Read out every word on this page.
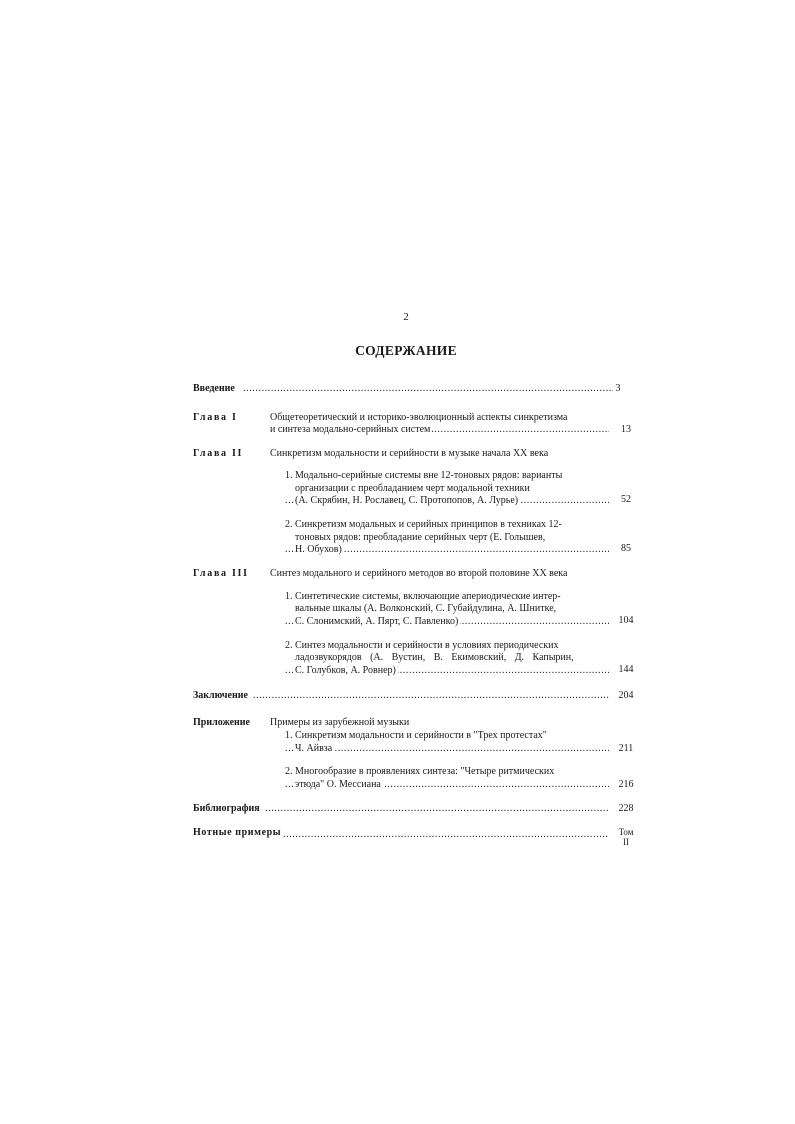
2
СОДЕРЖАНИЕ
Введение .....	3
Глава I	Общетеоретический и историко-эволюционный аспекты синкретизма
и синтеза модально-серийных систем .....	13
Глава II	Синкретизм модальности и серийности в музыке начала XX века
1. Модально-серийные системы вне 12-тоновых рядов: варианты
организации с преобладанием черт модальной техники
(А. Скрябин, Н. Рославец, С. Протопопов, А. Лурье) .....	52
2. Синкретизм модальных и серийных принципов в техниках 12-
тоновых рядов: преобладание серийных черт (Е. Голышев,
Н. Обухов) .....	85
Глава III Синтез модального и серийного методов во второй половине XX века
1. Синтетические системы, включающие апериодические интер-
вальные шкалы (А. Волконский, С. Губайдулина, А. Шнитке,
С. Слонимский, А. Пярт, С. Павленко) .....	104
2. Синтез модальности и серийности в условиях периодических
ладозвукорядов (А. Вустин, В. Екимовский, Д. Капырин,
С. Голубков, А. Ровнер) .....	144
Заключение .....	204
Приложение Примеры из зарубежной музыки
1. Синкретизм модальности и серийности в "Трех протестах"
Ч. Айвза .....	211
2. Многообразие в проявлениях синтеза: "Четыре ритмических
этюда" О. Мессиана .....	216
Библиография .....	228
Нотные примеры .....	Том
II
